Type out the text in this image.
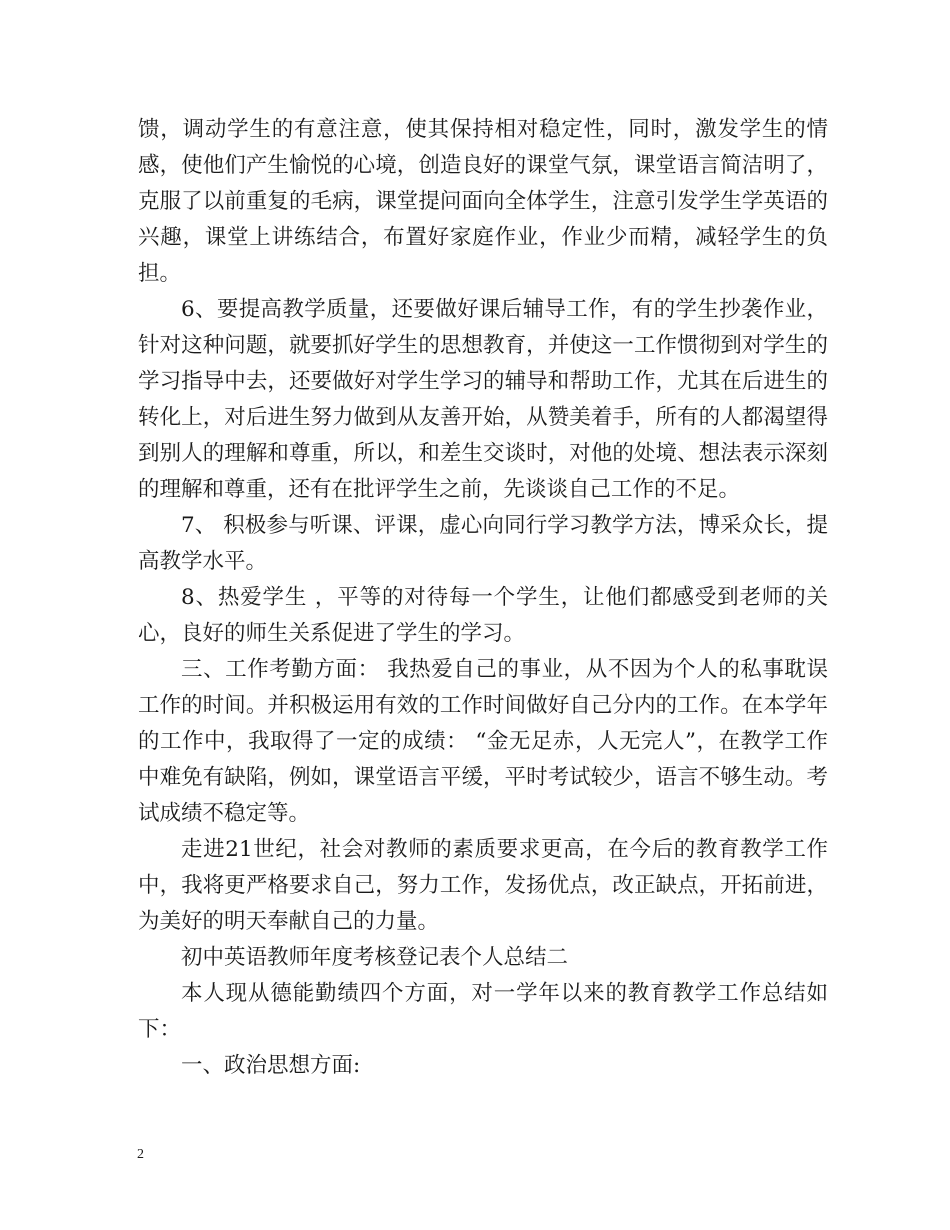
馈，调动学生的有意注意，使其保持相对稳定性，同时，激发学生的情感，使他们产生愉悦的心境，创造良好的课堂气氛，课堂语言简洁明了，克服了以前重复的毛病，课堂提问面向全体学生，注意引发学生学英语的兴趣，课堂上讲练结合，布置好家庭作业，作业少而精，减轻学生的负担。

6、要提高教学质量，还要做好课后辅导工作，有的学生抄袭作业，针对这种问题，就要抓好学生的思想教育，并使这一工作惯彻到对学生的学习指导中去，还要做好对学生学习的辅导和帮助工作，尤其在后进生的转化上，对后进生努力做到从友善开始，从赞美着手，所有的人都渴望得到别人的理解和尊重，所以，和差生交谈时，对他的处境、想法表示深刻的理解和尊重，还有在批评学生之前，先谈谈自己工作的不足。

7、 积极参与听课、评课，虚心向同行学习教学方法，博采众长，提高教学水平。

8、热爱学生 ，平等的对待每一个学生，让他们都感受到老师的关心，良好的师生关系促进了学生的学习。

三、工作考勤方面： 我热爱自己的事业，从不因为个人的私事耽误工作的时间。并积极运用有效的工作时间做好自己分内的工作。在本学年的工作中，我取得了一定的成绩： “金无足赤，人无完人”，在教学工作中难免有缺陷，例如，课堂语言平缓，平时考试较少，语言不够生动。考试成绩不稳定等。

走进21世纪，社会对教师的素质要求更高，在今后的教育教学工作中，我将更严格要求自己，努力工作，发扬优点，改正缺点，开拓前进，为美好的明天奉献自己的力量。

初中英语教师年度考核登记表个人总结二

本人现从德能勤绩四个方面，对一学年以来的教育教学工作总结如下：

一、政治思想方面:

2
